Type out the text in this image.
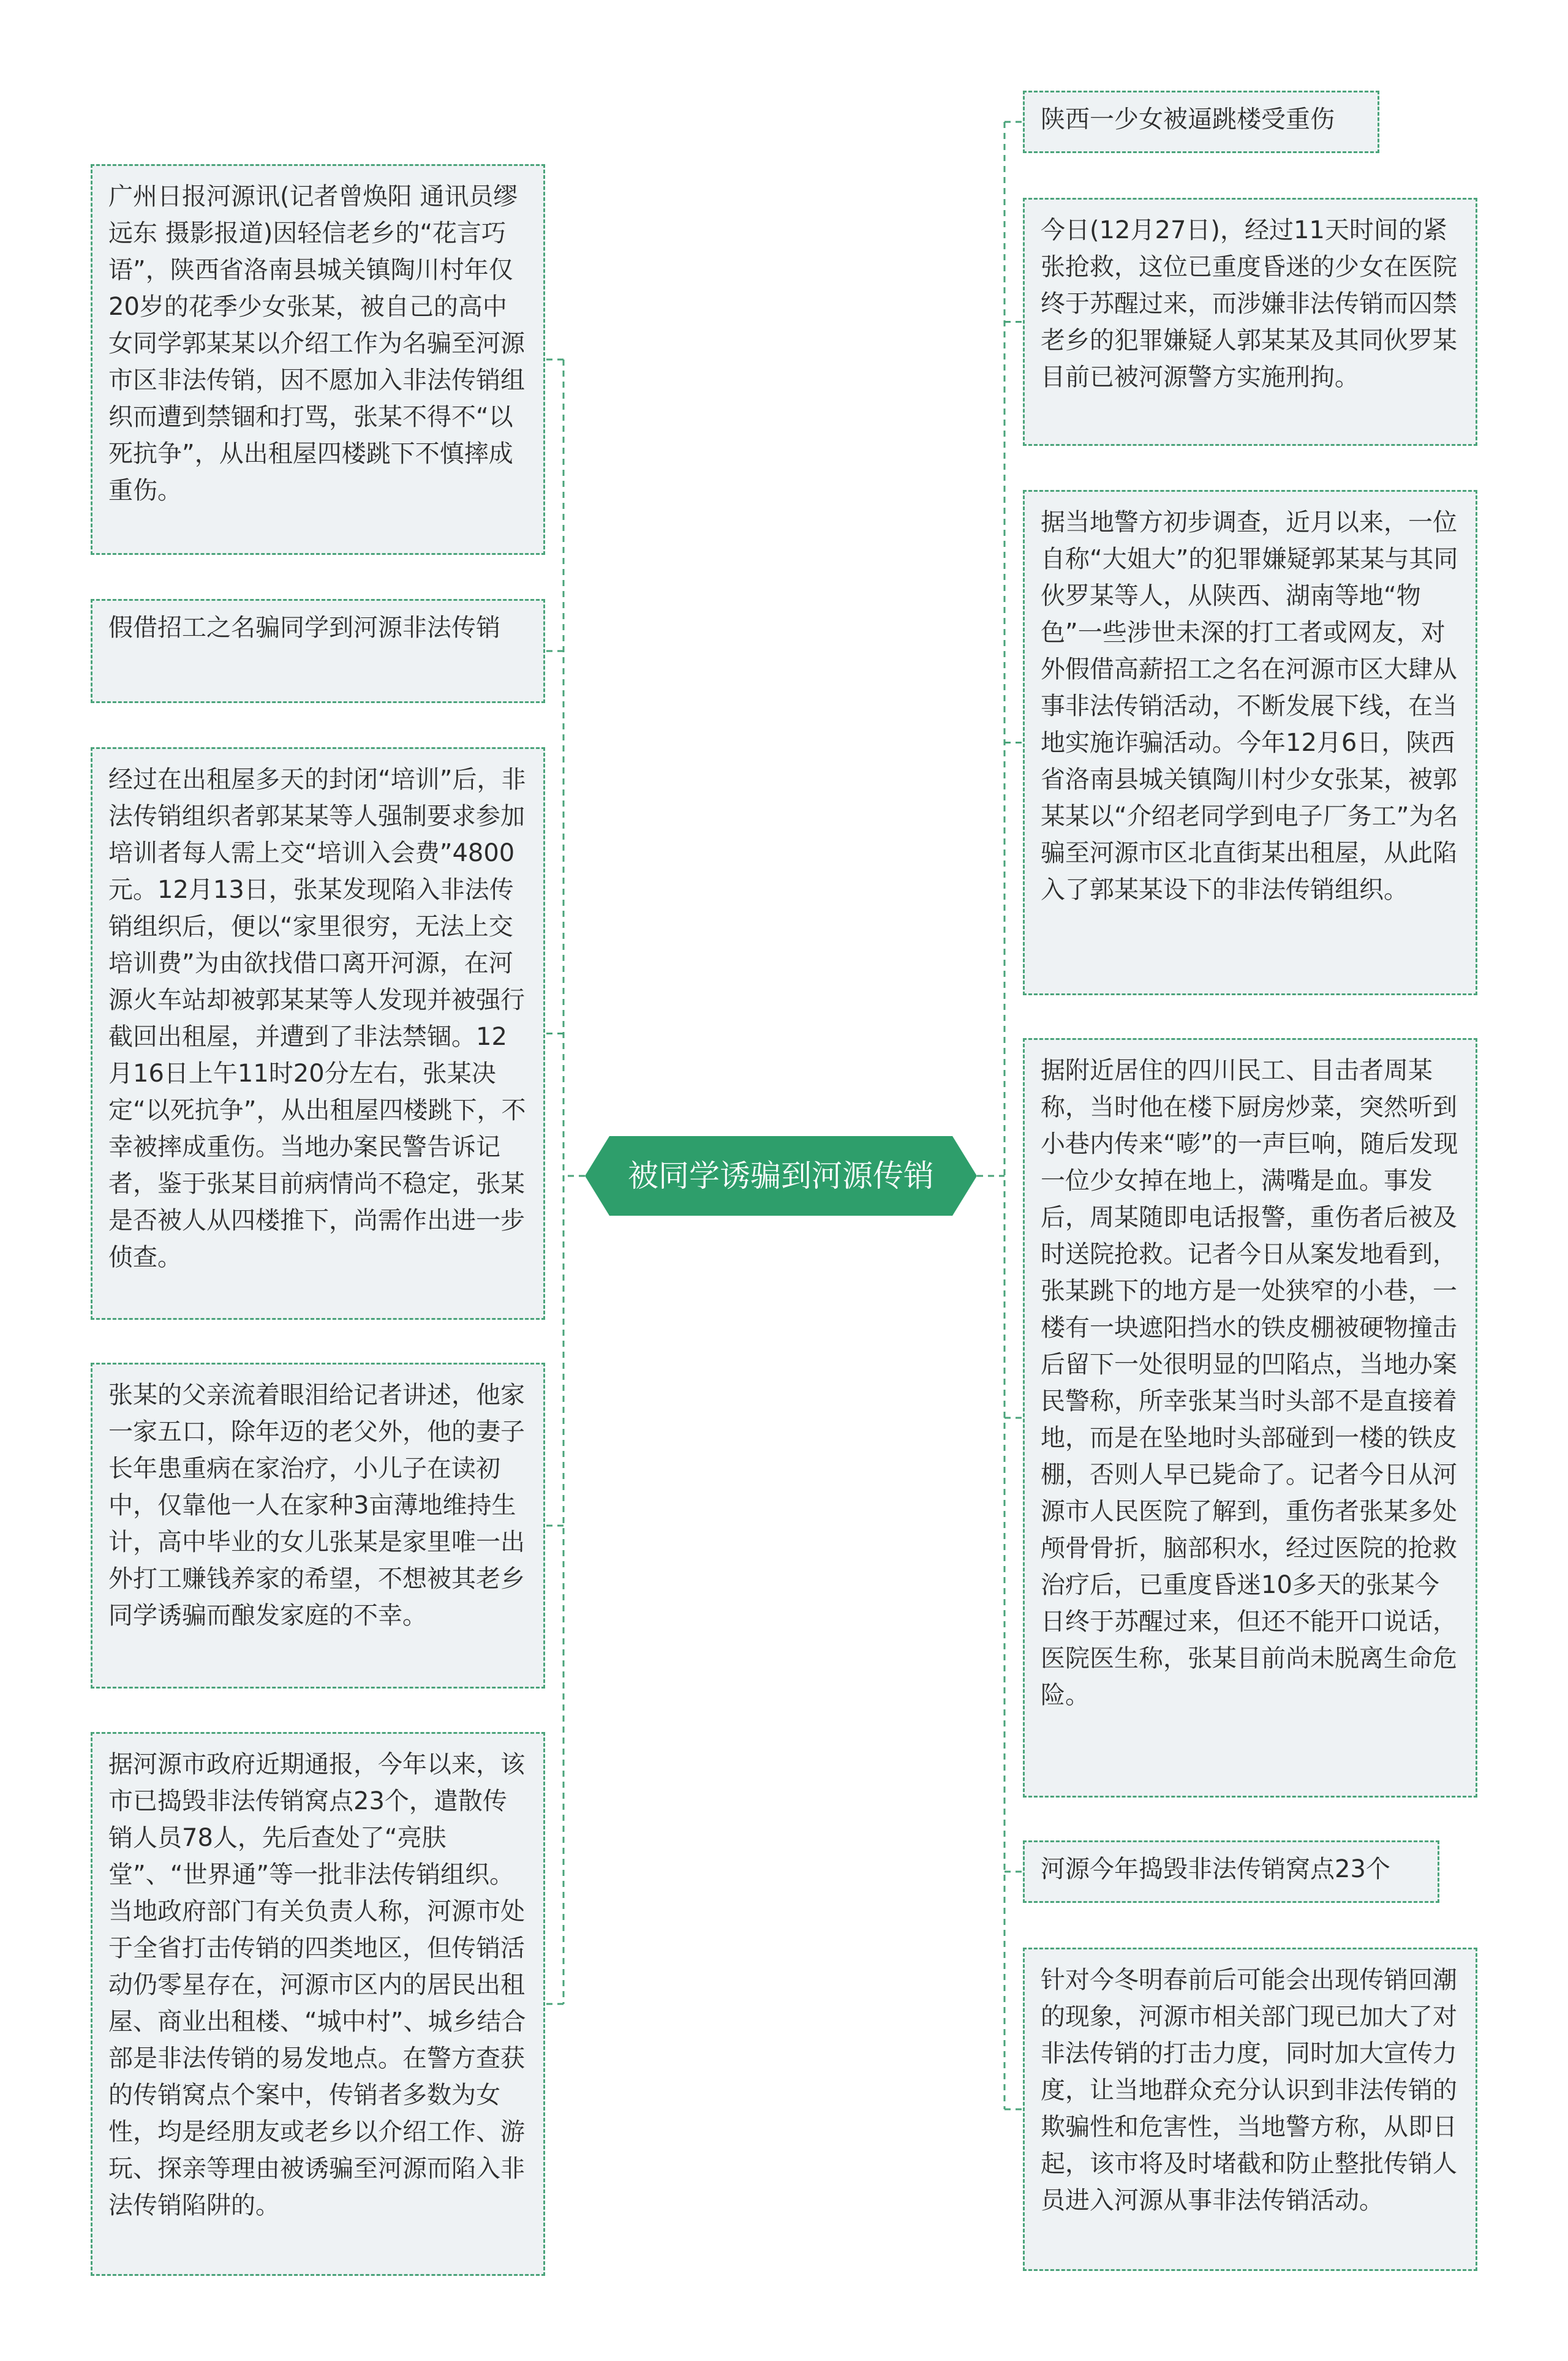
被同学诱骗到河源传销
广州日报河源讯(记者曾焕阳 通讯员缪远东 摄影报道)因轻信老乡的“花言巧语”，陕西省洛南县城关镇陶川村年仅20岁的花季少女张某，被自己的高中女同学郭某某以介绍工作为名骗至河源市区非法传销，因不愿加入非法传销组织而遭到禁锢和打骂，张某不得不“以死抗争”，从出租屋四楼跳下不慎摔成重伤。
假借招工之名骗同学到河源非法传销
经过在出租屋多天的封闭“培训”后，非法传销组织者郭某某等人强制要求参加培训者每人需上交“培训入会费”4800元。12月13日，张某发现陷入非法传销组织后，便以“家里很穷，无法上交培训费”为由欲找借口离开河源，在河源火车站却被郭某某等人发现并被强行截回出租屋，并遭到了非法禁锢。12月16日上午11时20分左右，张某决定“以死抗争”，从出租屋四楼跳下，不幸被摔成重伤。当地办案民警告诉记者，鉴于张某目前病情尚不稳定，张某是否被人从四楼推下，尚需作出进一步侦查。
张某的父亲流着眼泪给记者讲述，他家一家五口，除年迈的老父外，他的妻子长年患重病在家治疗，小儿子在读初中，仅靠他一人在家种3亩薄地维持生计，高中毕业的女儿张某是家里唯一出外打工赚钱养家的希望，不想被其老乡同学诱骗而酿发家庭的不幸。
据河源市政府近期通报，今年以来，该市已捣毁非法传销窝点23个，遣散传销人员78人，先后查处了“亮肤堂”、“世界通”等一批非法传销组织。当地政府部门有关负责人称，河源市处于全省打击传销的四类地区，但传销活动仍零星存在，河源市区内的居民出租屋、商业出租楼、“城中村”、城乡结合部是非法传销的易发地点。在警方查获的传销窝点个案中，传销者多数为女性，均是经朋友或老乡以介绍工作、游玩、探亲等理由被诱骗至河源而陷入非法传销陷阱的。
陕西一少女被逼跳楼受重伤
今日(12月27日)，经过11天时间的紧张抢救，这位已重度昏迷的少女在医院终于苏醒过来，而涉嫌非法传销而囚禁老乡的犯罪嫌疑人郭某某及其同伙罗某目前已被河源警方实施刑拘。
据当地警方初步调查，近月以来，一位自称“大姐大”的犯罪嫌疑郭某某与其同伙罗某等人，从陕西、湖南等地“物色”一些涉世未深的打工者或网友，对外假借高薪招工之名在河源市区大肆从事非法传销活动，不断发展下线，在当地实施诈骗活动。今年12月6日，陕西省洛南县城关镇陶川村少女张某，被郭某某以“介绍老同学到电子厂务工”为名骗至河源市区北直街某出租屋，从此陷入了郭某某设下的非法传销组织。
据附近居住的四川民工、目击者周某称，当时他在楼下厨房炒菜，突然听到小巷内传来“嘭”的一声巨响，随后发现一位少女掉在地上，满嘴是血。事发后，周某随即电话报警，重伤者后被及时送院抢救。记者今日从案发地看到，张某跳下的地方是一处狭窄的小巷，一楼有一块遮阳挡水的铁皮棚被硬物撞击后留下一处很明显的凹陷点，当地办案民警称，所幸张某当时头部不是直接着地，而是在坠地时头部碰到一楼的铁皮棚，否则人早已毙命了。记者今日从河源市人民医院了解到，重伤者张某多处颅骨骨折，脑部积水，经过医院的抢救治疗后，已重度昏迷10多天的张某今日终于苏醒过来，但还不能开口说话，医院医生称，张某目前尚未脱离生命危险。
河源今年捣毁非法传销窝点23个
针对今冬明春前后可能会出现传销回潮的现象，河源市相关部门现已加大了对非法传销的打击力度，同时加大宣传力度，让当地群众充分认识到非法传销的欺骗性和危害性，当地警方称，从即日起，该市将及时堵截和防止整批传销人员进入河源从事非法传销活动。
